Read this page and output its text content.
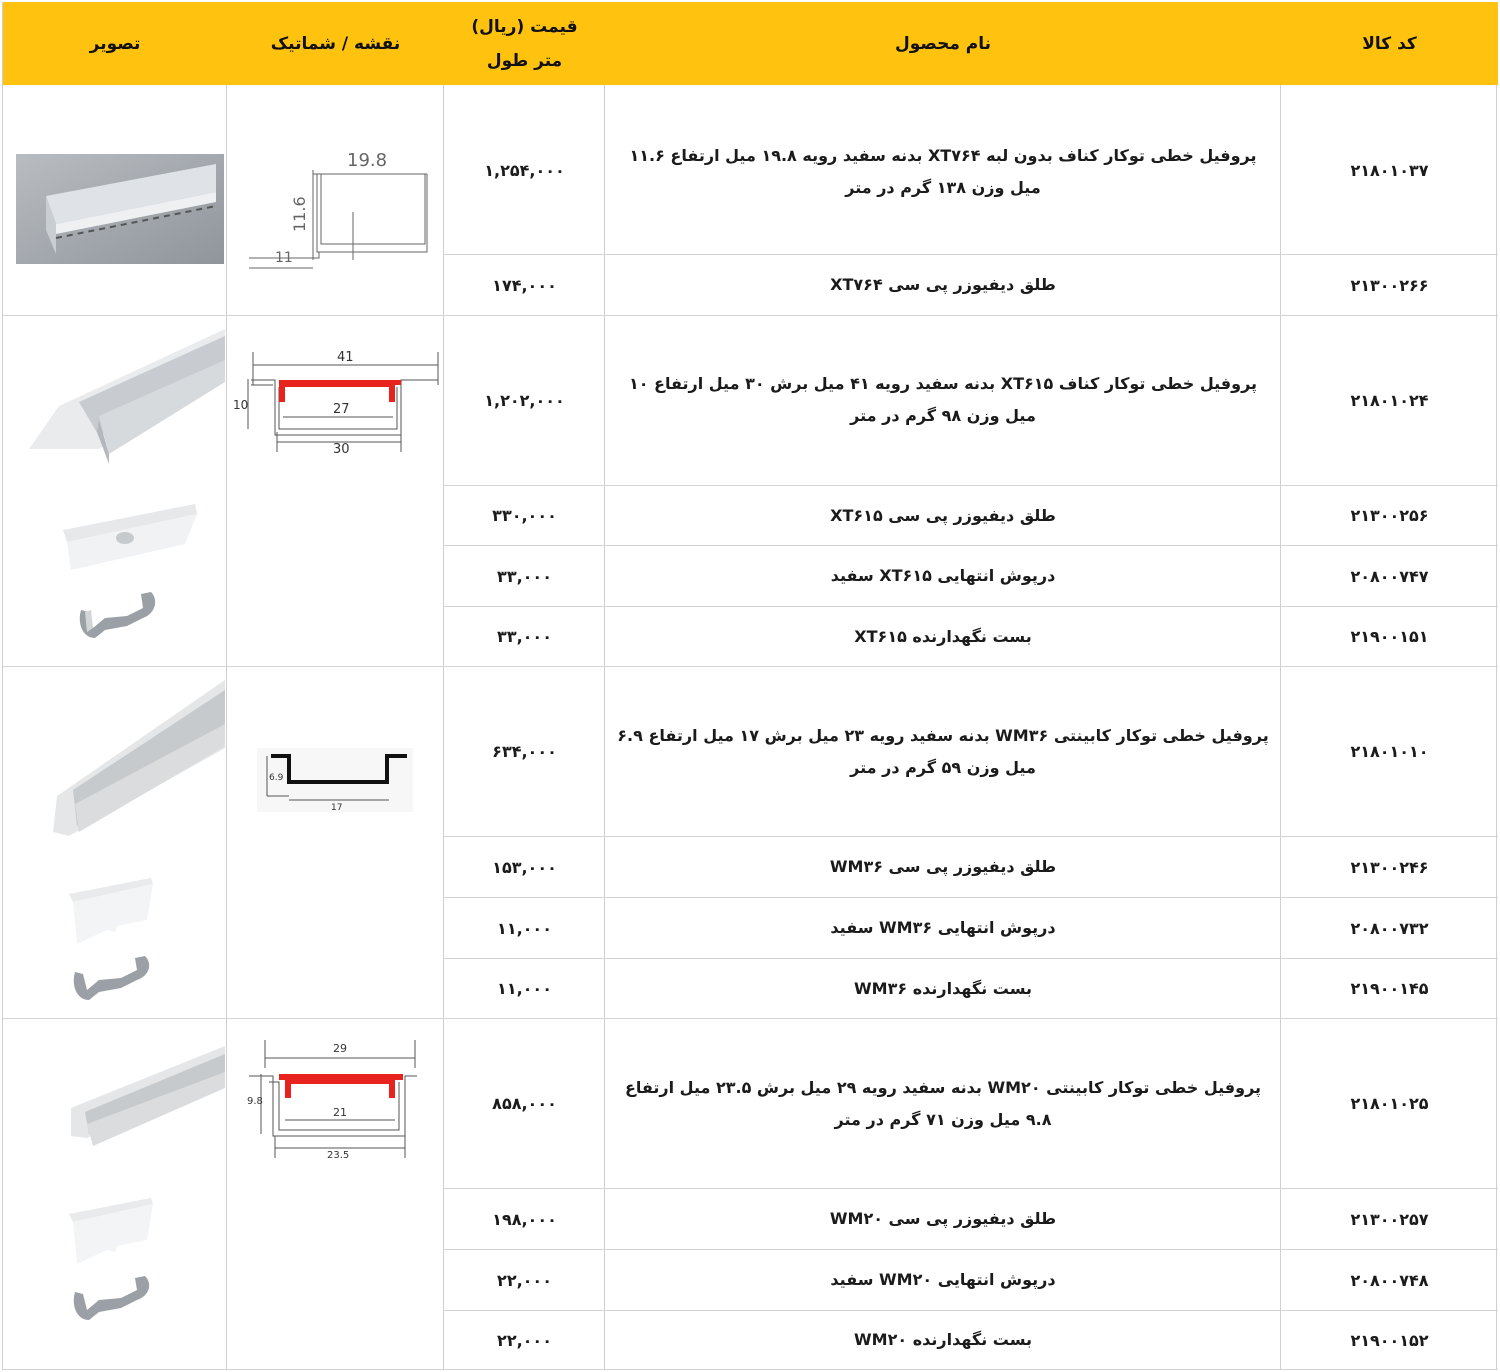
کد کالا
نام محصول
قیمت (ریال)
متر طول
نقشه / شماتیک
تصویر
۲۱۸۰۱۰۳۷
پروفیل خطی توکار کناف بدون لبه XT۷۶۴ بدنه سفید رویه ۱۹.۸ میل ارتفاع ۱۱.۶ میل وزن ۱۳۸ گرم در متر
۱,۲۵۴,۰۰۰
۲۱۳۰۰۲۶۶
طلق دیفیوزر پی سی XT۷۶۴
۱۷۴,۰۰۰
19.8
11.6
11
۲۱۸۰۱۰۲۴
پروفیل خطی توکار کناف XT۶۱۵ بدنه سفید رویه ۴۱ میل برش ۳۰ میل ارتفاع ۱۰ میل وزن ۹۸ گرم در متر
۱,۲۰۲,۰۰۰
۲۱۳۰۰۲۵۶
طلق دیفیوزر پی سی XT۶۱۵
۳۳۰,۰۰۰
۲۰۸۰۰۷۴۷
درپوش انتهایی XT۶۱۵ سفید
۳۳,۰۰۰
۲۱۹۰۰۱۵۱
بست نگهدارنده XT۶۱۵
۳۳,۰۰۰
41
27
30
10
۲۱۸۰۱۰۱۰
پروفیل خطی توکار کابینتی WM۳۶ بدنه سفید رویه ۲۳ میل برش ۱۷ میل ارتفاع ۶.۹ میل وزن ۵۹ گرم در متر
۶۳۴,۰۰۰
۲۱۳۰۰۲۴۶
طلق دیفیوزر پی سی WM۳۶
۱۵۳,۰۰۰
۲۰۸۰۰۷۳۲
درپوش انتهایی WM۳۶ سفید
۱۱,۰۰۰
۲۱۹۰۰۱۴۵
بست نگهدارنده WM۳۶
۱۱,۰۰۰
17
6.9
۲۱۸۰۱۰۲۵
پروفیل خطی توکار کابینتی WM۲۰ بدنه سفید رویه ۲۹ میل برش ۲۳.۵ میل ارتفاع ۹.۸ میل وزن ۷۱ گرم در متر
۸۵۸,۰۰۰
۲۱۳۰۰۲۵۷
طلق دیفیوزر پی سی WM۲۰
۱۹۸,۰۰۰
۲۰۸۰۰۷۴۸
درپوش انتهایی WM۲۰ سفید
۲۲,۰۰۰
۲۱۹۰۰۱۵۲
بست نگهدارنده WM۲۰
۲۲,۰۰۰
29
21
23.5
9.8
